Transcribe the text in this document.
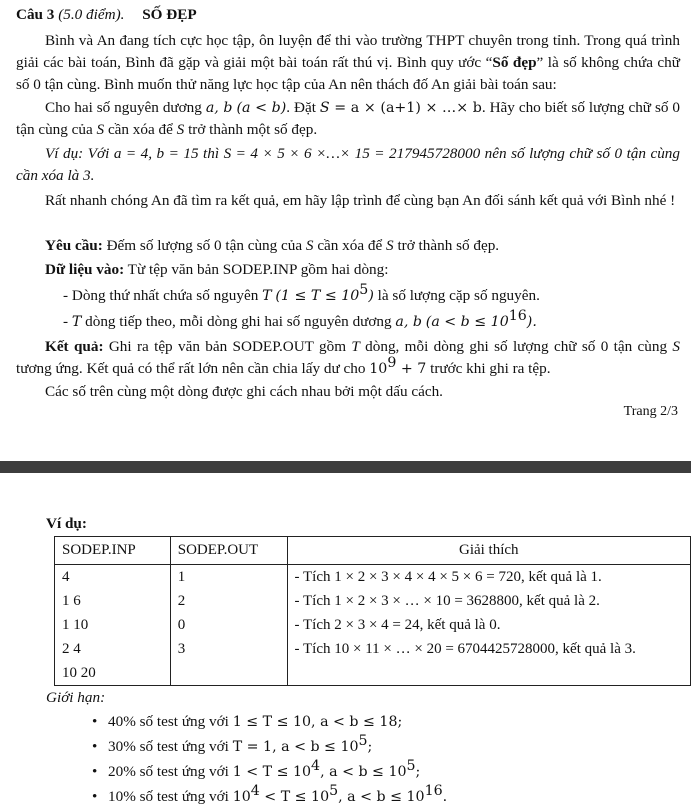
Câu 3 (5.0 điểm). SỐ ĐẸP
Bình và An đang tích cực học tập, ôn luyện để thi vào trường THPT chuyên trong tỉnh. Trong quá trình giải các bài toán, Bình đã gặp và giải một bài toán rất thú vị. Bình quy ước “Số đẹp” là số không chứa chữ số 0 tận cùng. Bình muốn thử năng lực học tập của An nên thách đố An giải bài toán sau:
Cho hai số nguyên dương a, b (a < b). Đặt S = a × (a+1) × …× b. Hãy cho biết số lượng chữ số 0 tận cùng của S cần xóa để S trở thành một số đẹp.
Ví dụ: Với a = 4, b = 15 thì S = 4 × 5 × 6 ×…× 15 = 217945728000 nên số lượng chữ số 0 tận cùng cần xóa là 3.
Rất nhanh chóng An đã tìm ra kết quả, em hãy lập trình để cùng bạn An đối sánh kết quả với Bình nhé !
Yêu cầu: Đếm số lượng số 0 tận cùng của S cần xóa để S trở thành số đẹp.
Dữ liệu vào: Từ tệp văn bản SODEP.INP gồm hai dòng:
- Dòng thứ nhất chứa số nguyên T $(1 \le T \le 10^5)$ là số lượng cặp số nguyên.
- T dòng tiếp theo, mỗi dòng ghi hai số nguyên dương a, b $(a < b \le 10^{16})$.
Kết quả: Ghi ra tệp văn bản SODEP.OUT gồm T dòng, mỗi dòng ghi số lượng chữ số 0 tận cùng S tương ứng. Kết quả có thể rất lớn nên cần chia lấy dư cho $10^9 + 7$ trước khi ghi ra tệp.
Các số trên cùng một dòng được ghi cách nhau bởi một dấu cách.
Trang 2/3
Ví dụ:
SODEP.INP	SODEP.OUT	Giải thích
4	1	- Tích 1 × 2 × 3 × 4 × 4 × 5 × 6 = 720, kết quả là 1.
1 6	2	- Tích 1 × 2 × 3 × … × 10 = 3628800, kết quả là 2.
1 10	0	- Tích 2 × 3 × 4 = 24, kết quả là 0.
2 4	3	- Tích 10 × 11 × … × 20 = 6704425728000, kết quả là 3.
10 20		
Giới hạn:
• 40% số test ứng với 1 ≤ T ≤ 10, a < b ≤ 18;
• 30% số test ứng với T = 1, $a < b \le 10^5$;
• 20% số test ứng với $1 < T \le 10^4$, $a < b \le 10^5$;
• 10% số test ứng với $10^4 < T \le 10^5$, $a < b \le 10^{16}$.
